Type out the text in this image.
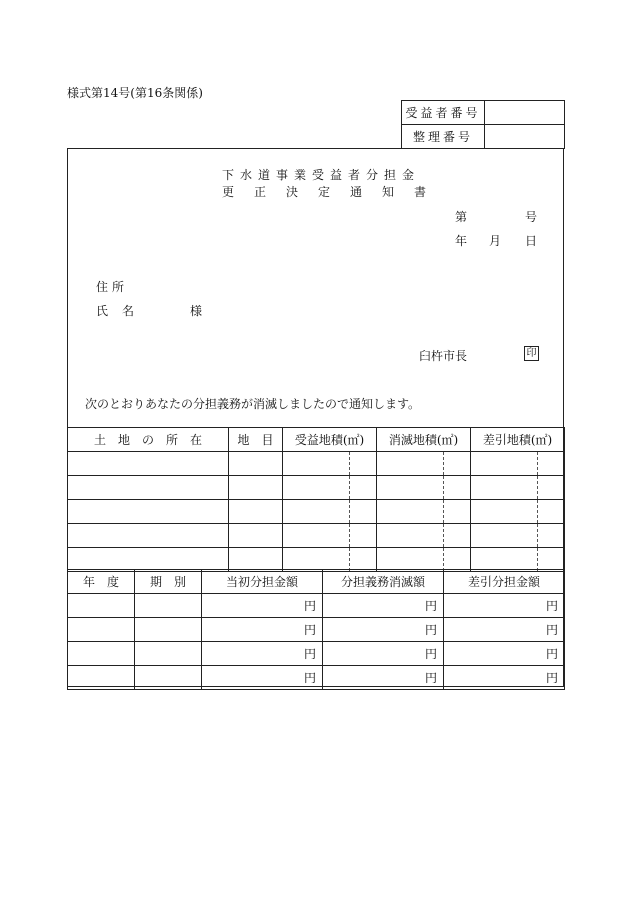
様式第14号(第16条関係)
受益者番号	
整理番号	
下水道事業受益者分担金
更正決定通知書
第	号
年 月 日
住所
氏名	様
臼杵市長	印
次のとおりあなたの分担義務が消滅しましたので通知します。
土　地　の　所　在	地　目	受益地積(㎡)		消滅地積(㎡)		差引地積(㎡)	

年　度	期　別	当初分担金額	分担義務消滅額	差引分担金額
		円	円	円
		円	円	円
		円	円	円
		円	円	円
